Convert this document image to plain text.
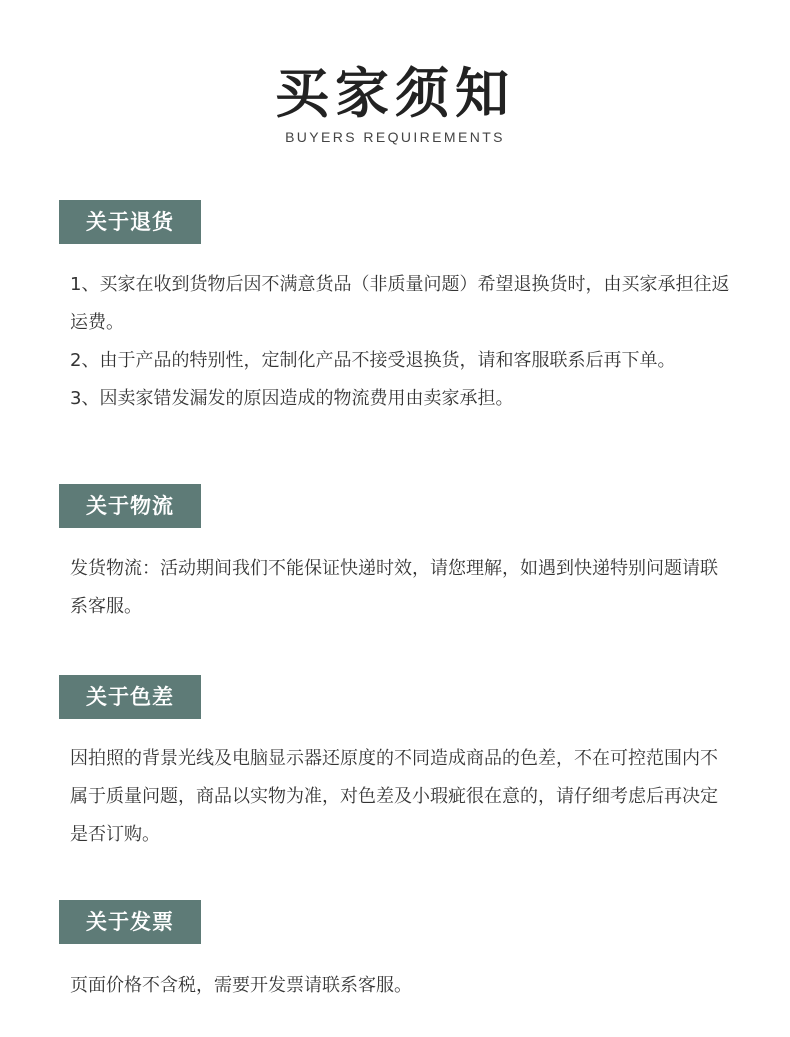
买家须知
BUYERS REQUIREMENTS
关于退货

1、买家在收到货物后因不满意货品（非质量问题）希望退换货时，由买家承担往返运费。

2、由于产品的特别性，定制化产品不接受退换货，请和客服联系后再下单。

3、因卖家错发漏发的原因造成的物流费用由卖家承担。

关于物流

发货物流：活动期间我们不能保证快递时效，请您理解，如遇到快递特别问题请联系客服。

关于色差

因拍照的背景光线及电脑显示器还原度的不同造成商品的色差，不在可控范围内不属于质量问题，商品以实物为准，对色差及小瑕疵很在意的，请仔细考虑后再决定是否订购。

关于发票

页面价格不含税，需要开发票请联系客服。
